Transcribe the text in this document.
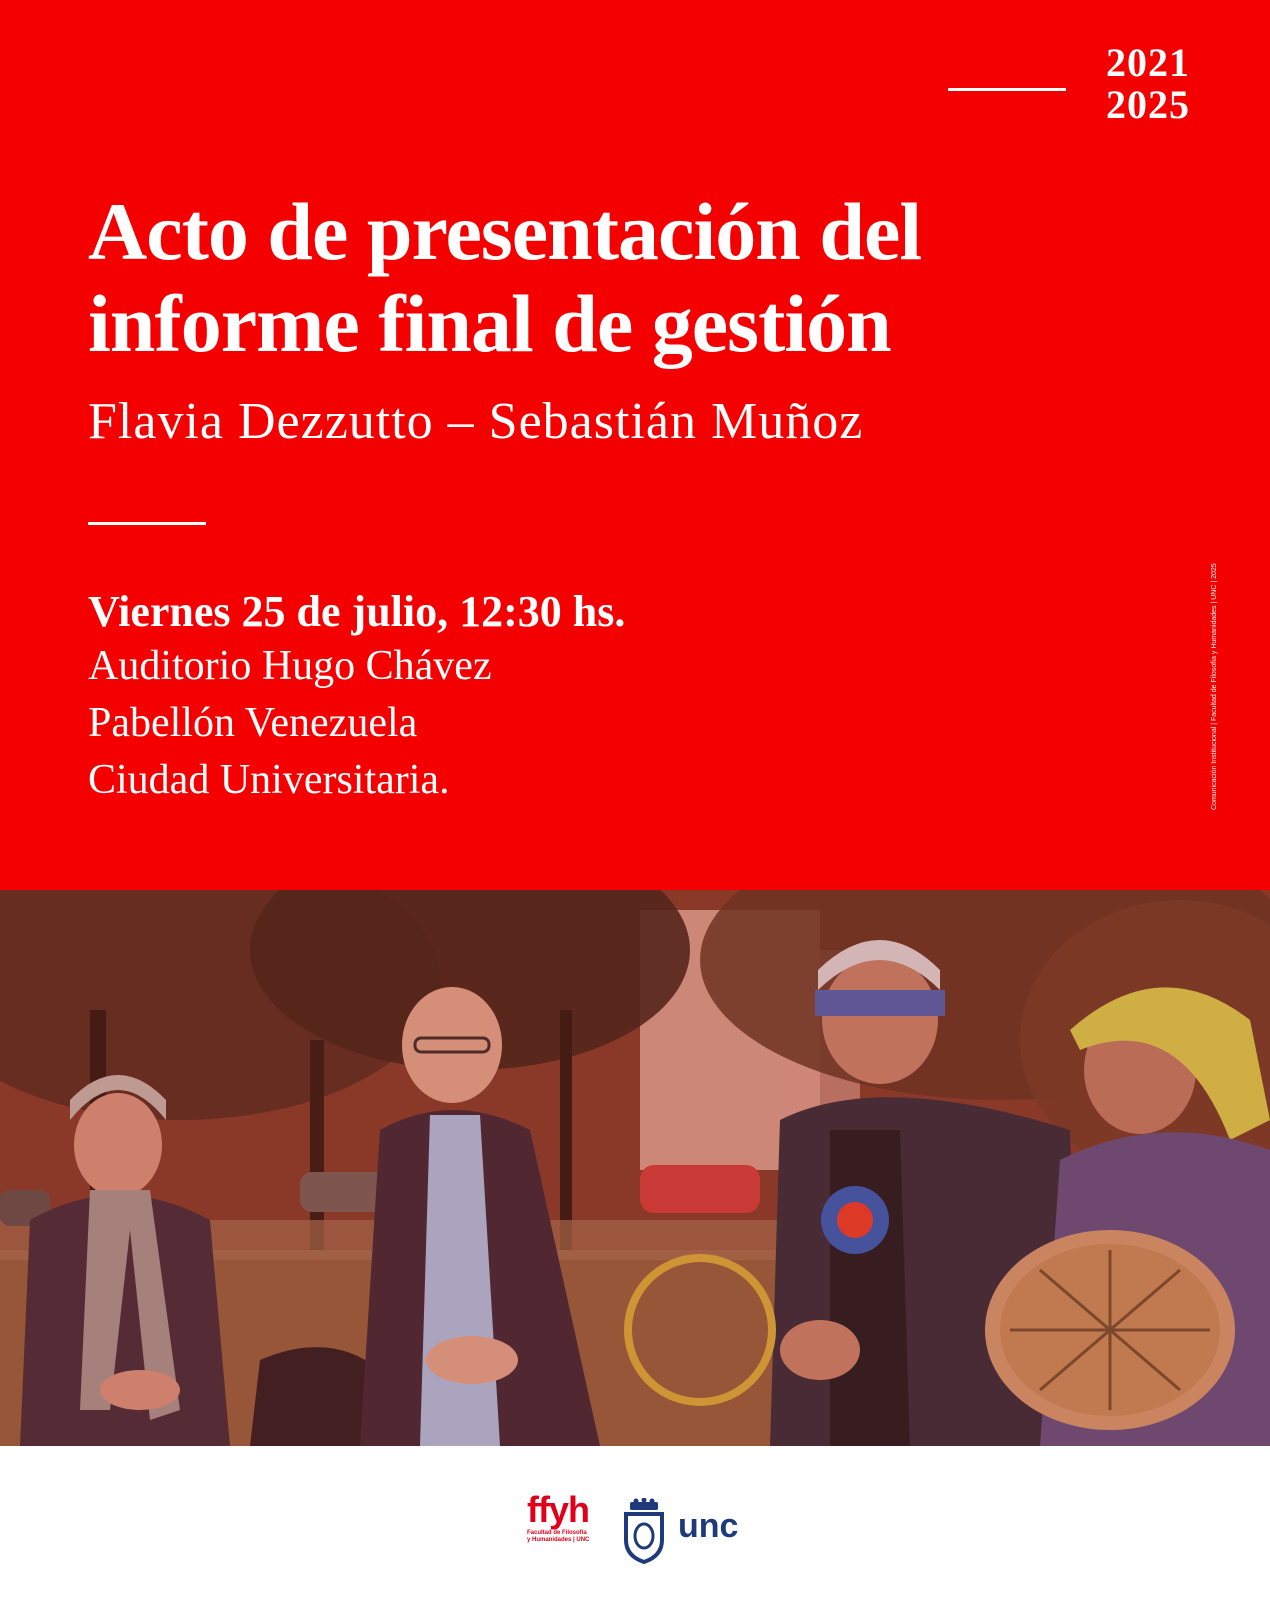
2021
2025
Acto de presentación del
informe final de gestión
Flavia Dezzutto – Sebastián Muñoz
Viernes 25 de julio, 12:30 hs.
Auditorio Hugo Chávez
Pabellón Venezuela
Ciudad Universitaria.	Comunicación Institucional | Facultad de Filosofía y Humanidades | UNC | 2025
ffyh
Facultad de Filosofía
y Humanidades | UNC	unc
